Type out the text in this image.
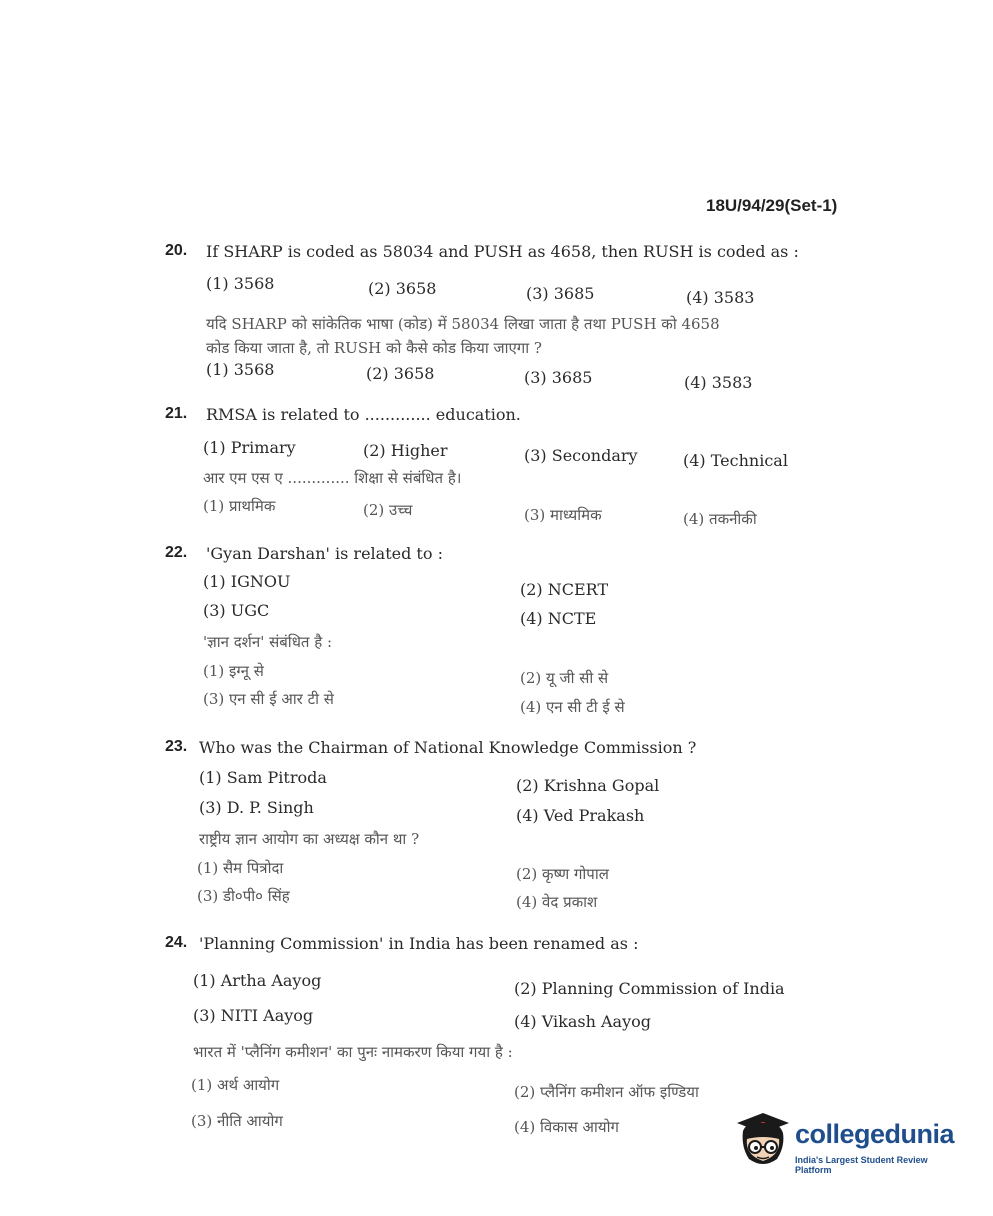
18U/94/29(Set-1)
20. If SHARP is coded as 58034 and PUSH as 4658, then RUSH is coded as :
(1) 3568	(2) 3658	(3) 3685	(4) 3583
यदि SHARP को सांकेतिक भाषा (कोड) में 58034 लिखा जाता है तथा PUSH को 4658
कोड किया जाता है, तो RUSH को कैसे कोड किया जाएगा ?
(1) 3568	(2) 3658	(3) 3685	(4) 3583
21. RMSA is related to ............. education.
(1) Primary	(2) Higher	(3) Secondary	(4) Technical
आर एम एस ए ............. शिक्षा से संबंधित है।
(1) प्राथमिक	(2) उच्च	(3) माध्यमिक	(4) तकनीकी
22. 'Gyan Darshan' is related to :
(1) IGNOU	(2) NCERT
(3) UGC	(4) NCTE
'ज्ञान दर्शन' संबंधित है :
(1) इग्नू से	(2) यू जी सी से
(3) एन सी ई आर टी से	(4) एन सी टी ई से
23. Who was the Chairman of National Knowledge Commission ?
(1) Sam Pitroda	(2) Krishna Gopal
(3) D. P. Singh	(4) Ved Prakash
राष्ट्रीय ज्ञान आयोग का अध्यक्ष कौन था ?
(1) सैम पित्रोदा	(2) कृष्ण गोपाल
(3) डी०पी० सिंह	(4) वेद प्रकाश
24. 'Planning Commission' in India has been renamed as :
(1) Artha Aayog	(2) Planning Commission of India
(3) NITI Aayog	(4) Vikash Aayog
भारत में 'प्लैनिंग कमीशन' का पुनः नामकरण किया गया है :
(1) अर्थ आयोग	(2) प्लैनिंग कमीशन ऑफ इण्डिया
(3) नीति आयोग	(4) विकास आयोग	collegedunia
India's Largest Student Review Platform
